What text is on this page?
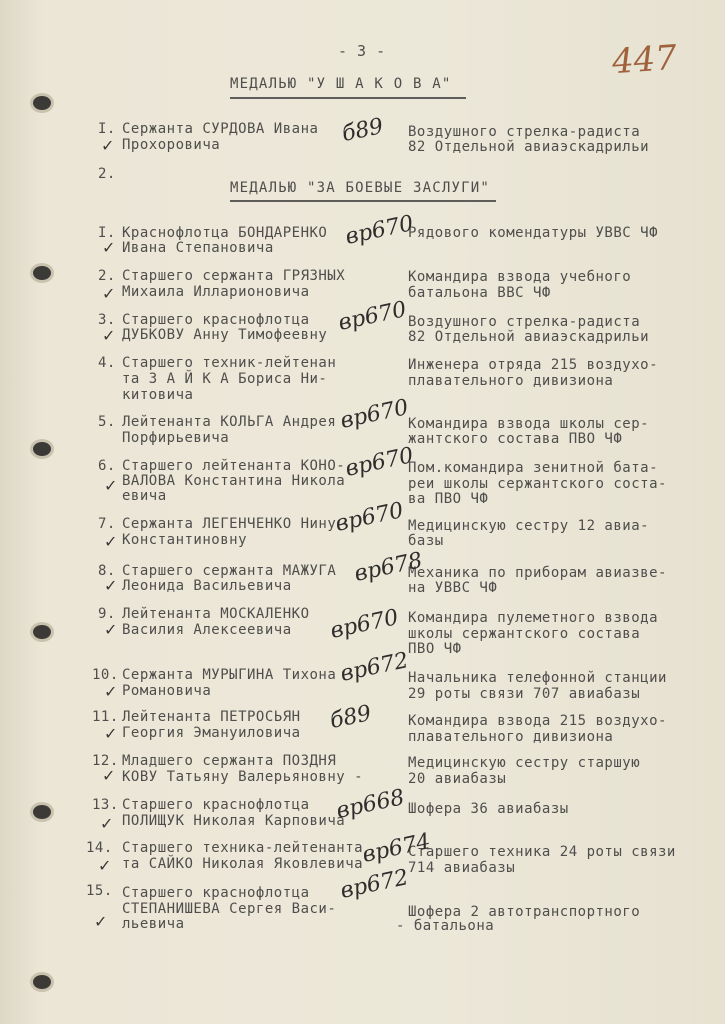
- 3 -	447
МЕДАЛЬЮ "У Ш А К О В А"
I. Сержанта СУРДОВА Ивана
Прохоровича
Воздушного стрелка-радиста
82 Отдельной авиаэскадрильи
б89
✓
2.
МЕДАЛЬЮ "ЗА БОЕВЫЕ ЗАСЛУГИ"
I. Краснофлотца БОНДАРЕНКО
Ивана Степановича
Рядового комендатуры УВВС ЧФ
вр670
✓
2. Старшего сержанта ГРЯЗНЫХ
Михаила Илларионовича
Командира взвода учебного
батальона ВВС ЧФ
✓
3. Старшего краснофлотца
ДУБКОВУ Анну Тимофеевну
Воздушного стрелка-радиста
82 Отдельной авиаэскадрильи
вр670
✓
4. Старшего техник-лейтенан
та З А Й К А Бориса Ни-
китовича
Инженера отряда 215 воздухо-
плавательного дивизиона
5. Лейтенанта КОЛЬГА Андрея
Порфирьевича
Командира взвода школы сер-
жантского состава ПВО ЧФ
вр670
6. Старшего лейтенанта КОНО-
ВАЛОВА Константина Никола
евича
Пом.командира зенитной бата-
реи школы сержантского соста-
ва ПВО ЧФ
вр670
✓
7. Сержанта ЛЕГЕНЧЕНКО Нину
Константиновну
Медицинскую сестру 12 авиа-
базы
вр670
✓
8. Старшего сержанта МАЖУГА
Леонида Васильевича
Механика по приборам авиазве-
на УВВС ЧФ
вр678
✓
9. Лейтенанта МОСКАЛЕНКО
Василия Алексеевича
Командира пулеметного взвода
школы сержантского состава
ПВО ЧФ
вр670
✓
10. Сержанта МУРЫГИНА Тихона
Романовича
Начальника телефонной станции
29 роты связи 707 авиабазы
вр672
✓
11. Лейтенанта ПЕТРОСЬЯН
Георгия Эмануиловича
Командира взвода 215 воздухо-
плавательного дивизиона
б89
✓
12. Младшего сержанта ПОЗДНЯ
КОВУ Татьяну Валерьяновну -
Медицинскую сестру старшую
20 авиабазы
✓
13. Старшего краснофлотца
ПОЛИЩУК Николая Карповича
Шофера 36 авиабазы
вр668
✓
14. Старшего техника-лейтенанта
та САЙКО Николая Яковлевича
Старшего техника 24 роты связи
714 авиабазы
вр674
✓
15. Старшего краснофлотца
СТЕПАНИШЕВА Сергея Васи-
льевича
Шофера 2 автотранспортного
- батальона
вр672
✓
